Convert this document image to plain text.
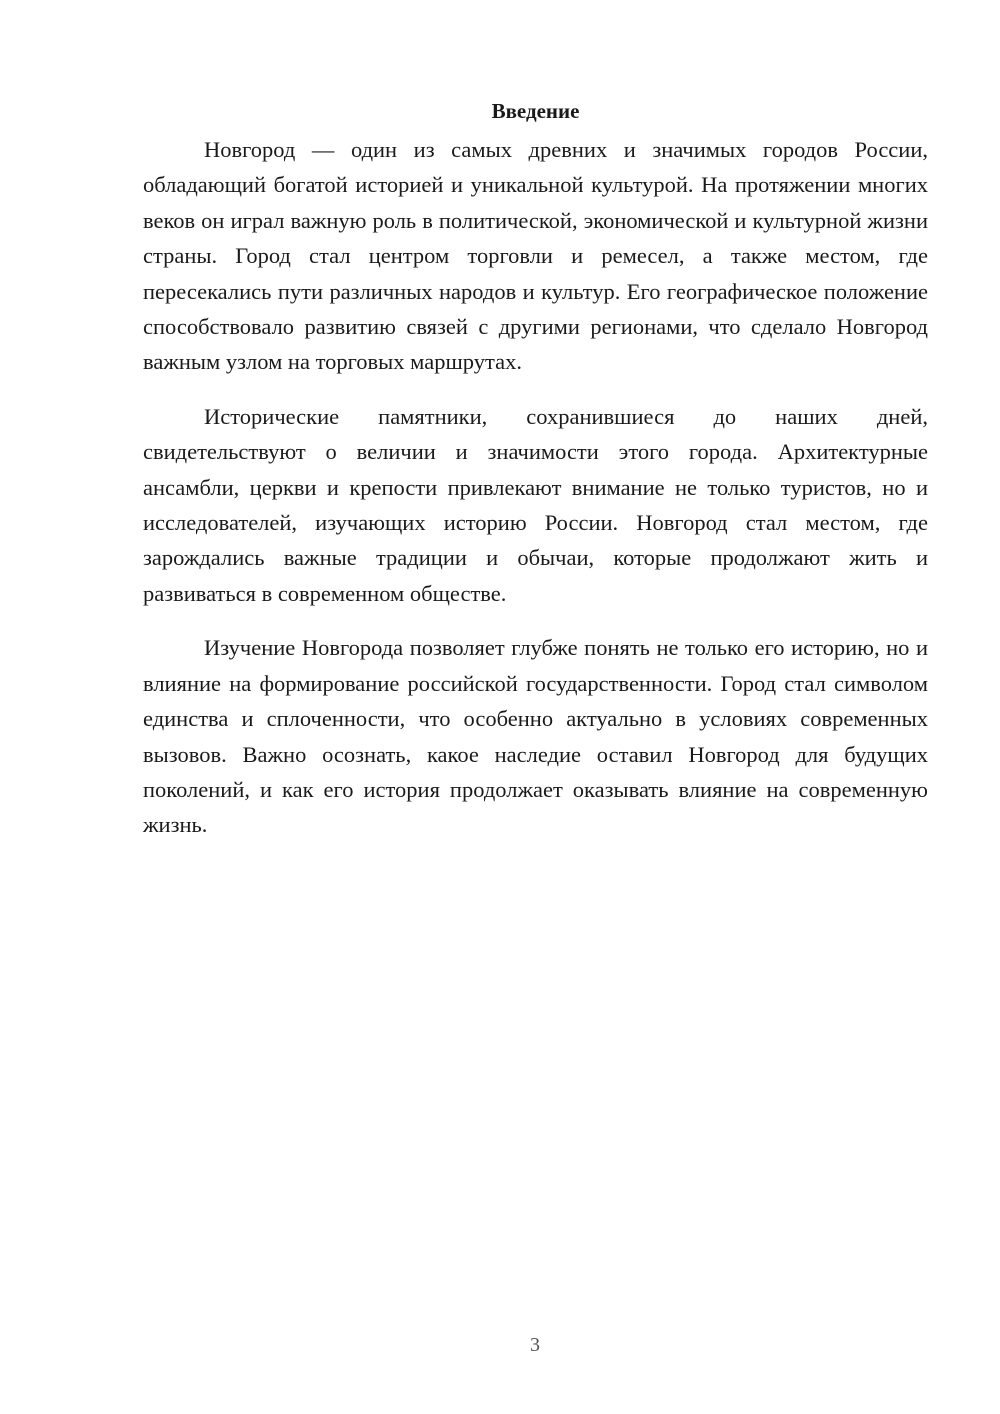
Введение

Новгород — один из самых древних и значимых городов России, обладающий богатой историей и уникальной культурой. На протяжении многих веков он играл важную роль в политической, экономической и культурной жизни страны. Город стал центром торговли и ремесел, а также местом, где пересекались пути различных народов и культур. Его географическое положение способствовало развитию связей с другими регионами, что сделало Новгород важным узлом на торговых маршрутах.

Исторические памятники, сохранившиеся до наших дней, свидетельствуют о величии и значимости этого города. Архитектурные ансамбли, церкви и крепости привлекают внимание не только туристов, но и исследователей, изучающих историю России. Новгород стал местом, где зарождались важные традиции и обычаи, которые продолжают жить и развиваться в современном обществе.

Изучение Новгорода позволяет глубже понять не только его историю, но и влияние на формирование российской государственности. Город стал символом единства и сплоченности, что особенно актуально в условиях современных вызовов. Важно осознать, какое наследие оставил Новгород для будущих поколений, и как его история продолжает оказывать влияние на современную жизнь.

3
